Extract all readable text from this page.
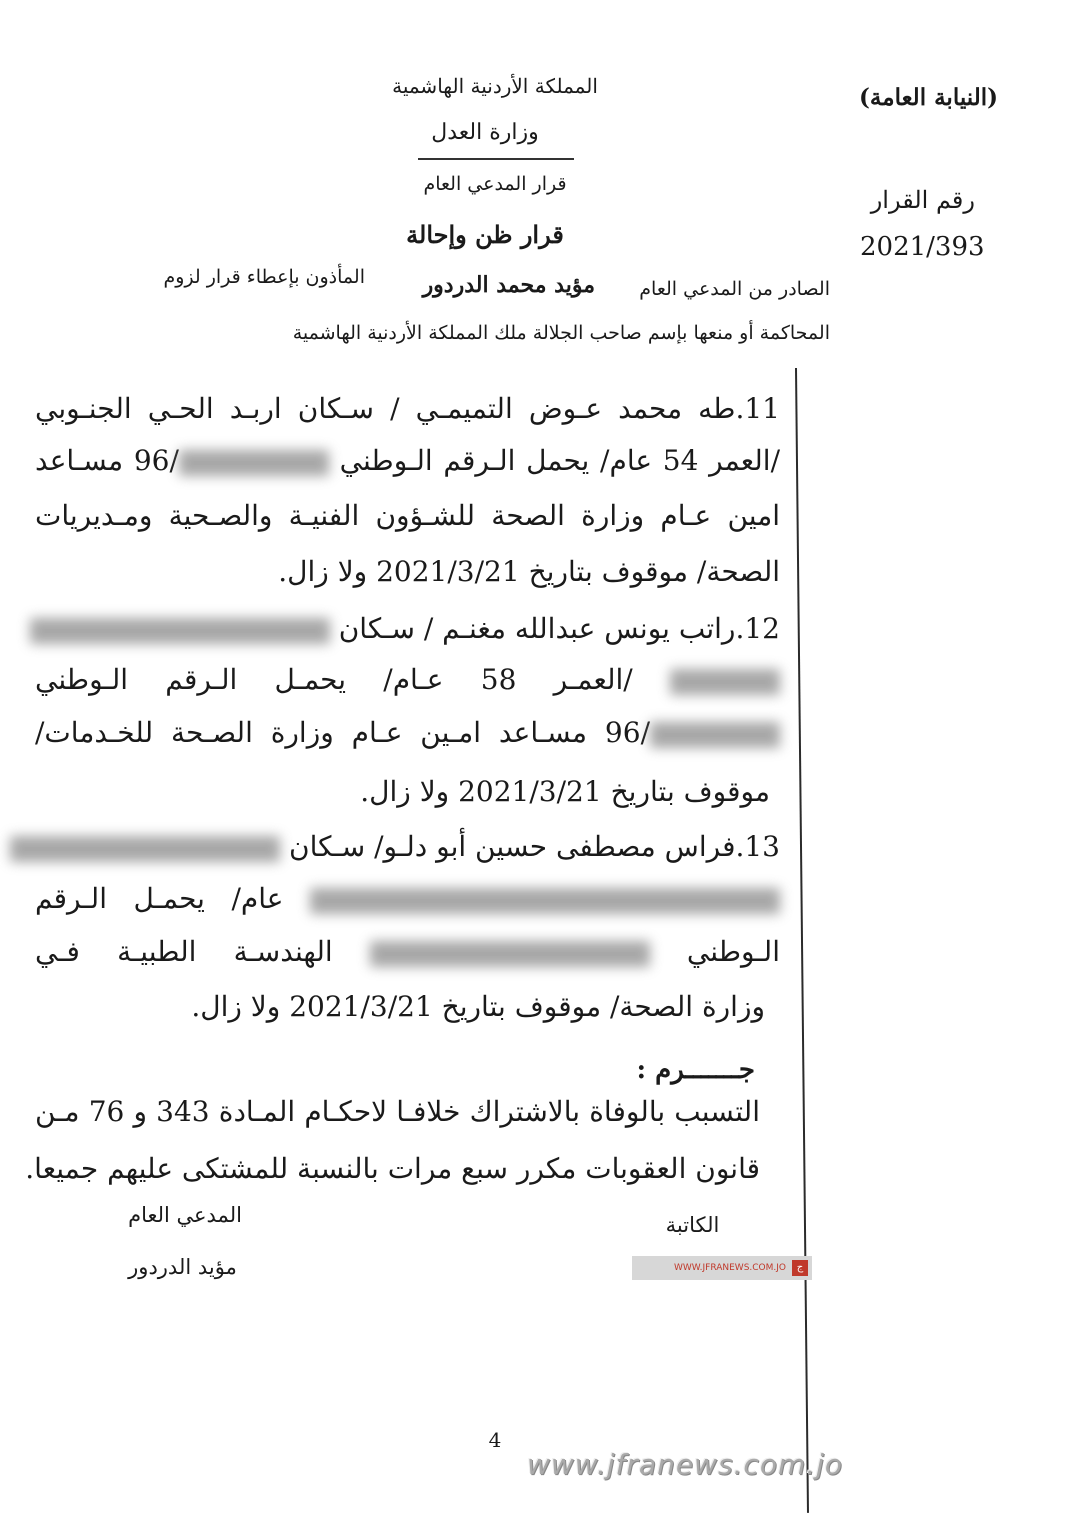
المملكة الأردنية الهاشمية
وزارة العدل
قرار المدعي العام
قرار ظن وإحالة
(النيابة العامة)
رقم القرار
2021/393
الصادر من المدعي العام
مؤيد محمد الدردور
المأذون بإعطاء قرار لزوم
المحاكمة أو منعها بإسم صاحب الجلالة ملك المملكة الأردنية الهاشمية
11.طه محمد عـوض التميمـي / سـكان اربـد الحـي الجنـوبي
/العمر 54 عام/ يحمل الـرقم الـوطني /96 مسـاعد
امين عـام وزارة الصحة للشـؤون الفنيـة والصـحية ومـديريات
الصحة/ موقوف بتاريخ 2021/3/21 ولا زال.
12.راتب يونس عبدالله مغنـم / سـكان
/العمـر 58 عـام/ يحمـل الـرقم الـوطني
/96 مسـاعد امـين عـام وزارة الصـحة للخـدمات/
موقوف بتاريخ 2021/3/21 ولا زال.
13.فراس مصطفى حسين أبو دلـو/ سـكان
عام/ يحمـل الـرقم
الـوطني  الهندسـة الطبيـة فـي
وزارة الصحة/ موقوف بتاريخ 2021/3/21 ولا زال.
جـــــــرم :
التسبب بالوفاة بالاشتراك خلافـا لاحكـام المـادة 343 و 76 مـن
قانون العقوبات مكرر سبع مرات بالنسبة للمشتكى عليهم جميعا.
المدعي العام
مؤيد الدردور
الكاتبة
WWW.JFRANEWS.COM.JO	ج
4
www.jfranews.com.jo
